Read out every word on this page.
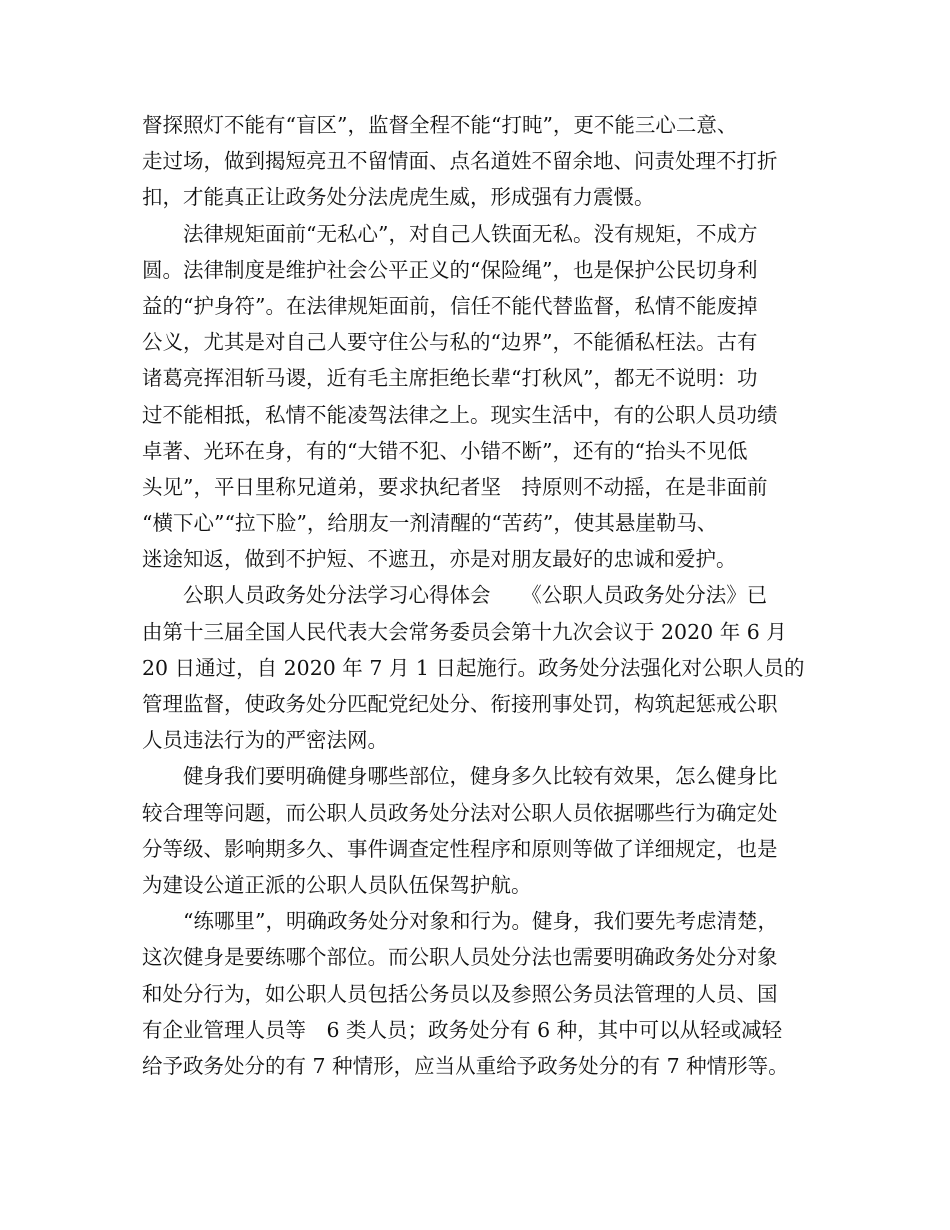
督探照灯不能有“盲区”，监督全程不能“打盹”，更不能三心二意、
走过场，做到揭短亮丑不留情面、点名道姓不留余地、问责处理不打折
扣，才能真正让政务处分法虎虎生威，形成强有力震慑。
　　法律规矩面前“无私心”，对自己人铁面无私。没有规矩，不成方
圆。法律制度是维护社会公平正义的“保险绳”，也是保护公民切身利
益的“护身符”。在法律规矩面前，信任不能代替监督，私情不能废掉
公义，尤其是对自己人要守住公与私的“边界”，不能循私枉法。古有
诸葛亮挥泪斩马谡，近有毛主席拒绝长辈“打秋风”，都无不说明：功
过不能相抵，私情不能凌驾法律之上。现实生活中，有的公职人员功绩
卓著、光环在身，有的“大错不犯、小错不断”，还有的“抬头不见低
头见”，平日里称兄道弟，要求执纪者坚　持原则不动摇，在是非面前
“横下心”“拉下脸”，给朋友一剂清醒的“苦药”，使其悬崖勒马、
迷途知返，做到不护短、不遮丑，亦是对朋友最好的忠诚和爱护。
　　公职人员政务处分法学习心得体会　　《公职人员政务处分法》已
由第十三届全国人民代表大会常务委员会第十九次会议于 2020 年 6 月
20 日通过，自 2020 年 7 月 1 日起施行。政务处分法强化对公职人员的
管理监督，使政务处分匹配党纪处分、衔接刑事处罚，构筑起惩戒公职
人员违法行为的严密法网。
　　健身我们要明确健身哪些部位，健身多久比较有效果，怎么健身比
较合理等问题，而公职人员政务处分法对公职人员依据哪些行为确定处
分等级、影响期多久、事件调查定性程序和原则等做了详细规定，也是
为建设公道正派的公职人员队伍保驾护航。
　　“练哪里”，明确政务处分对象和行为。健身，我们要先考虑清楚，
这次健身是要练哪个部位。而公职人员处分法也需要明确政务处分对象
和处分行为，如公职人员包括公务员以及参照公务员法管理的人员、国
有企业管理人员等　6 类人员；政务处分有 6 种，其中可以从轻或减轻
给予政务处分的有 7 种情形，应当从重给予政务处分的有 7 种情形等。
